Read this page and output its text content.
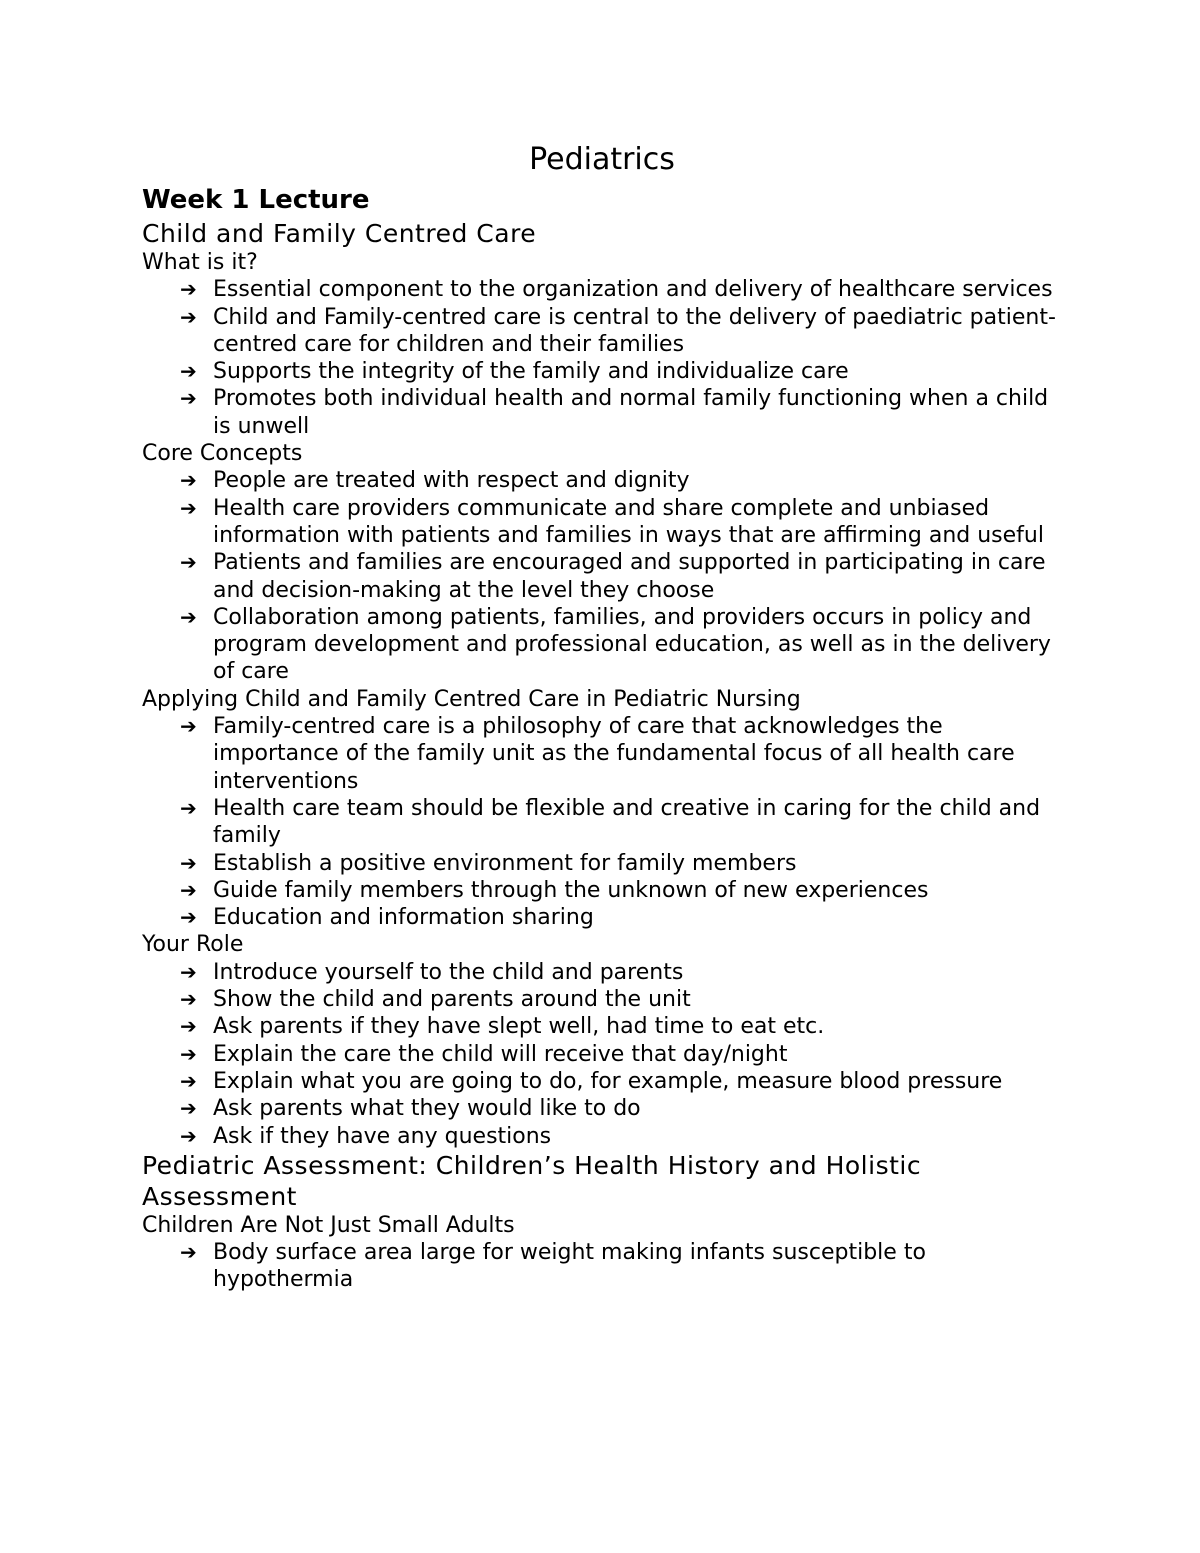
Pediatrics
Week 1 Lecture
Child and Family Centred Care
What is it?
➔ Essential component to the organization and delivery of healthcare services
➔ Child and Family-centred care is central to the delivery of paediatric patient-centred care for children and their families
➔ Supports the integrity of the family and individualize care
➔ Promotes both individual health and normal family functioning when a child is unwell
Core Concepts
➔ People are treated with respect and dignity
➔ Health care providers communicate and share complete and unbiased information with patients and families in ways that are affirming and useful
➔ Patients and families are encouraged and supported in participating in care and decision-making at the level they choose
➔ Collaboration among patients, families, and providers occurs in policy and program development and professional education, as well as in the delivery of care
Applying Child and Family Centred Care in Pediatric Nursing
➔ Family-centred care is a philosophy of care that acknowledges the importance of the family unit as the fundamental focus of all health care interventions
➔ Health care team should be flexible and creative in caring for the child and family
➔ Establish a positive environment for family members
➔ Guide family members through the unknown of new experiences
➔ Education and information sharing
Your Role
➔ Introduce yourself to the child and parents
➔ Show the child and parents around the unit
➔ Ask parents if they have slept well, had time to eat etc.
➔ Explain the care the child will receive that day/night
➔ Explain what you are going to do, for example, measure blood pressure
➔ Ask parents what they would like to do
➔ Ask if they have any questions
Pediatric Assessment: Children’s Health History and Holistic Assessment
Children Are Not Just Small Adults
➔ Body surface area large for weight making infants susceptible to hypothermia
